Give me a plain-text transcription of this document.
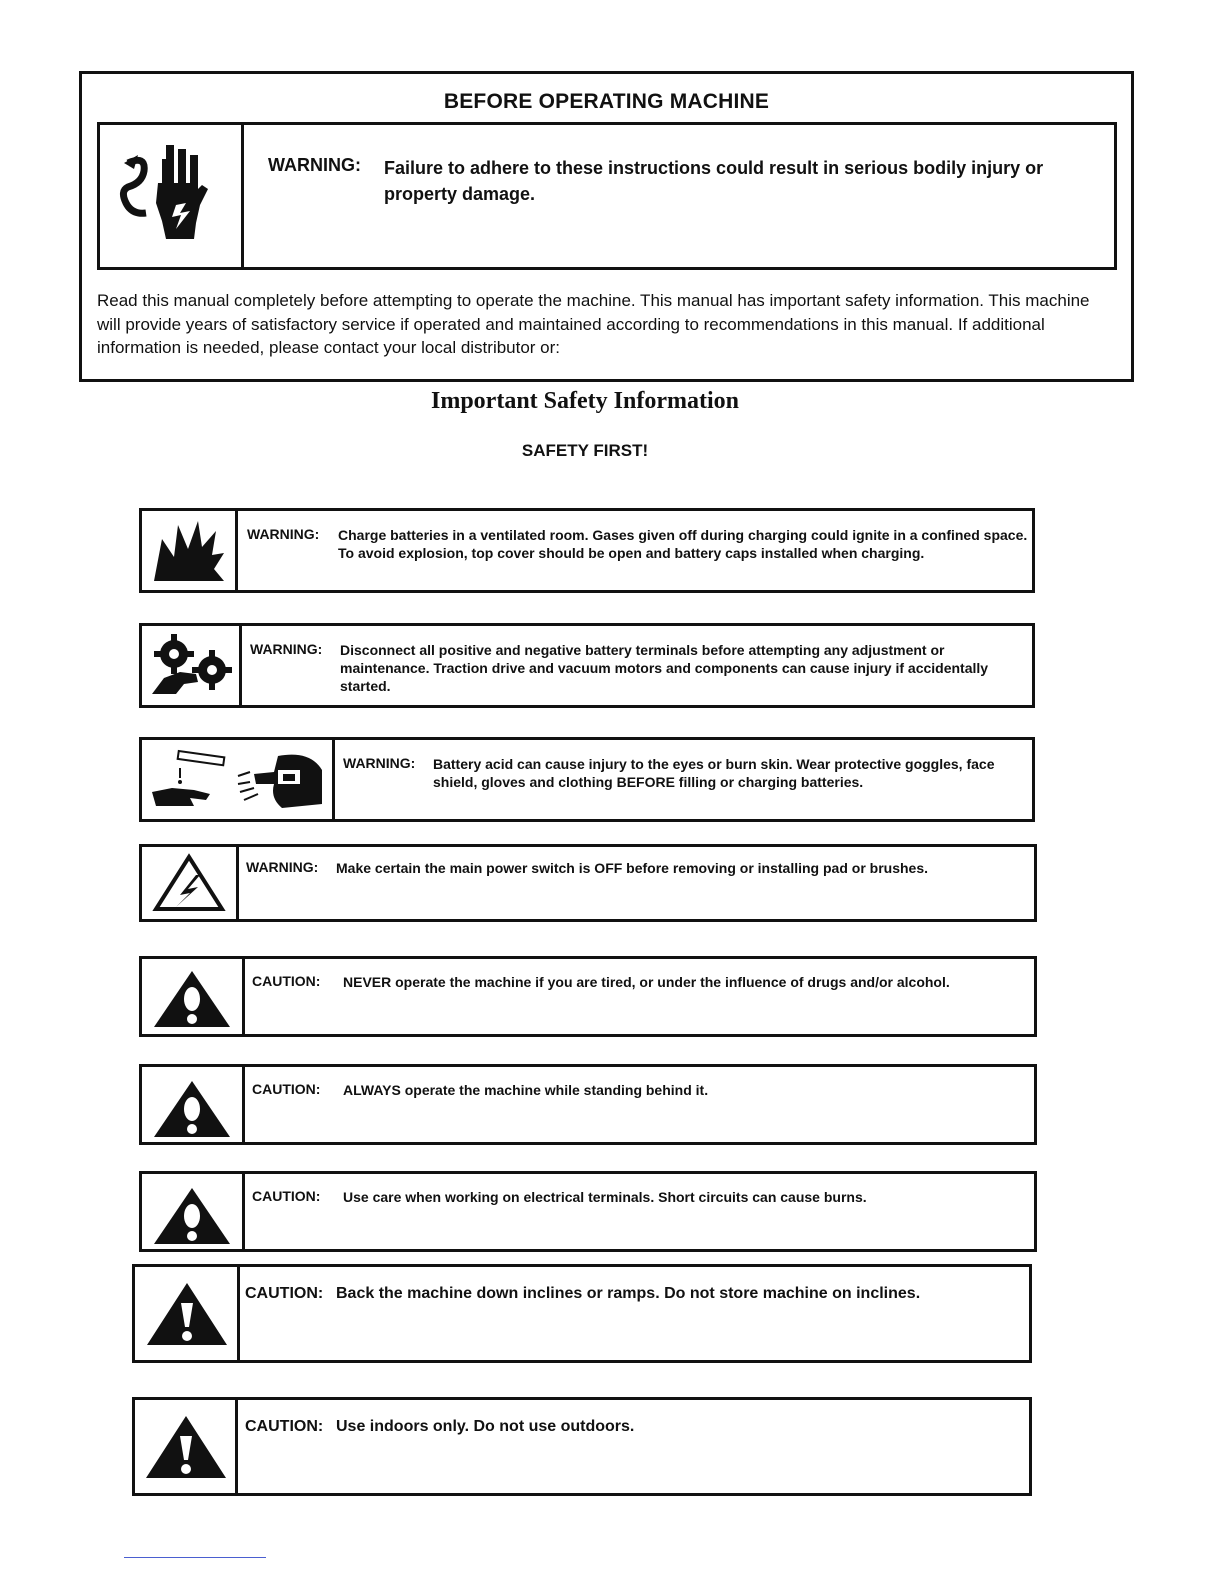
BEFORE OPERATING MACHINE
WARNING: Failure to adhere to these instructions could result in serious bodily injury or property damage.
Read this manual completely before attempting to operate the machine. This manual has important safety information. This machine will provide years of satisfactory service if operated and maintained according to recommendations in this manual. If additional information is needed, please contact your local distributor or:
Important Safety Information
SAFETY FIRST!
WARNING: Charge batteries in a ventilated room. Gases given off during charging could ignite in a confined space. To avoid explosion, top cover should be open and battery caps installed when charging.
WARNING: Disconnect all positive and negative battery terminals before attempting any adjustment or maintenance. Traction drive and vacuum motors and components can cause injury if accidentally started.
WARNING: Battery acid can cause injury to the eyes or burn skin. Wear protective goggles, face shield, gloves and clothing BEFORE filling or charging batteries.
WARNING: Make certain the main power switch is OFF before removing or installing pad or brushes.
CAUTION: NEVER operate the machine if you are tired, or under the influence of drugs and/or alcohol.
CAUTION: ALWAYS operate the machine while standing behind it.
CAUTION: Use care when working on electrical terminals. Short circuits can cause burns.
CAUTION: Back the machine down inclines or ramps. Do not store machine on inclines.
CAUTION: Use indoors only. Do not use outdoors.
